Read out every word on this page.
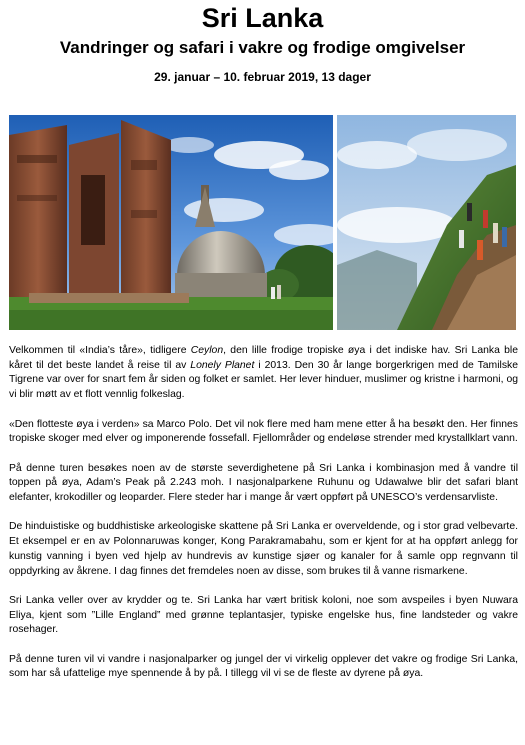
Sri Lanka
Vandringer og safari i vakre og frodige omgivelser
29. januar – 10. februar 2019, 13 dager

Velkommen til «India’s tåre», tidligere Ceylon, den lille frodige tropiske øya i det indiske hav. Sri Lanka ble kåret til det beste landet å reise til av Lonely Planet i 2013. Den 30 år lange borgerkrigen med de Tamilske Tigrene var over for snart fem år siden og folket er samlet. Her lever hinduer, muslimer og kristne i harmoni, og vi blir møtt av et flott vennlig folkeslag.

«Den flotteste øya i verden» sa Marco Polo. Det vil nok flere med ham mene etter å ha besøkt den. Her finnes tropiske skoger med elver og imponerende fossefall. Fjellområder og endeløse strender med krystallklart vann.

På denne turen besøkes noen av de største severdighetene på Sri Lanka i kombinasjon med å vandre til toppen på øya, Adam’s Peak på 2.243 moh. I nasjonalparkene Ruhunu og Udawalwe blir det safari blant elefanter, krokodiller og leoparder. Flere steder har i mange år vært oppført på UNESCO’s verdensarvliste.

De hinduistiske og buddhistiske arkeologiske skattene på Sri Lanka er overveldende, og i stor grad velbevarte. Et eksempel er en av Polonnaruwas konger, Kong Parakramabahu, som er kjent for at ha oppført anlegg for kunstig vanning i byen ved hjelp av hundrevis av kunstige sjøer og kanaler for å samle opp regnvann til oppdyrking av åkrene. I dag finnes det fremdeles noen av disse, som brukes til å vanne rismarkene.

Sri Lanka veller over av krydder og te. Sri Lanka har vært britisk koloni, noe som avspeiles i byen Nuwara Eliya, kjent som ”Lille England” med grønne teplantasjer, typiske engelske hus, fine landsteder og vakre rosehager.

På denne turen vil vi vandre i nasjonalparker og jungel der vi virkelig opplever det vakre og frodige Sri Lanka, som har så ufattelige mye spennende å by på. I tillegg vil vi se de fleste av dyrene på øya.
